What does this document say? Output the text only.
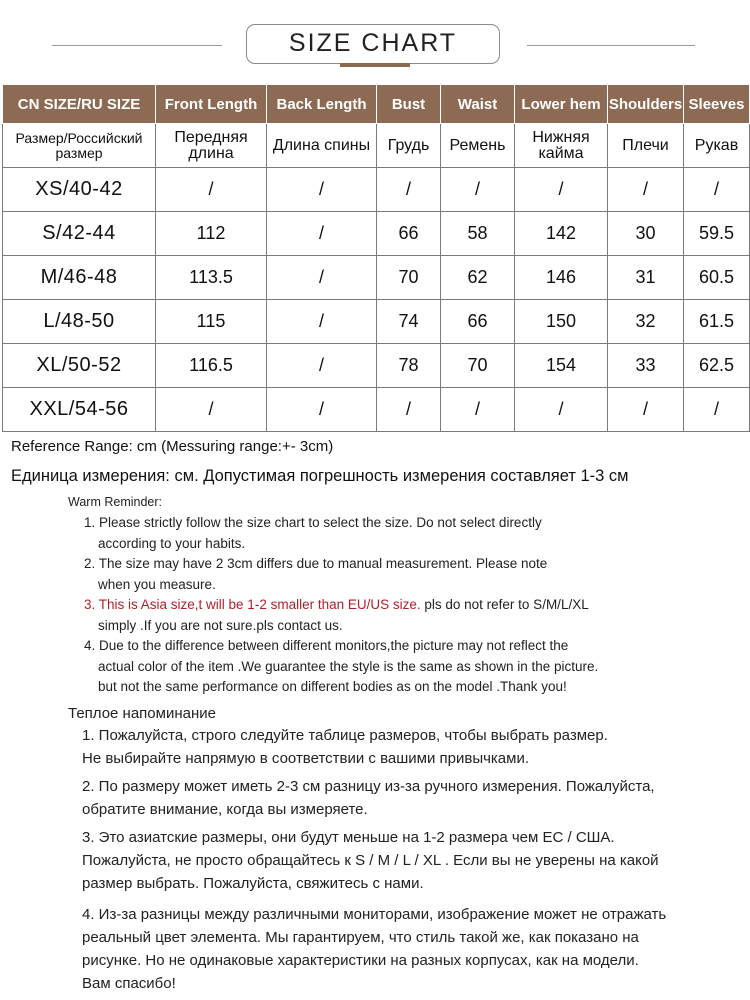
SIZE CHART
CN SIZE/RU SIZE	Front Length	Back Length	Bust	Waist	Lower hem	Shoulders	Sleeves
Размер/Российский размер	Передняя длина	Длина спины	Грудь	Ремень	Нижняя кайма	Плечи	Рукав
XS/40-42	/	/	/	/	/	/	/
S/42-44	112	/	66	58	142	30	59.5
M/46-48	113.5	/	70	62	146	31	60.5
L/48-50	115	/	74	66	150	32	61.5
XL/50-52	116.5	/	78	70	154	33	62.5
XXL/54-56	/	/	/	/	/	/	/
Reference Range: cm (Messuring range:+- 3cm)
Единица измерения: см. Допустимая погрешность измерения составляет 1-3 см
Warm Reminder:
1. Please strictly follow the size chart to select the size. Do not select directly
according to your habits.
2. The size may have 2 3cm differs due to manual measurement. Please note
when you measure.
3. This is Asia size,t will be 1-2 smaller than EU/US size. pls do not refer to S/M/L/XL
simply .If you are not sure.pls contact us.
4. Due to the difference between different monitors,the picture may not reflect the
actual color of the item .We guarantee the style is the same as shown in the picture.
but not the same performance on different bodies as on the model .Thank you!
Теплое напоминание
1. Пожалуйста, строго следуйте таблице размеров, чтобы выбрать размер.
Не выбирайте напрямую в соответствии с вашими привычками.
2. По размеру может иметь 2-3 см разницу из-за ручного измерения. Пожалуйста,
обратите внимание, когда вы измеряете.
3. Это азиатские размеры, они будут меньше на 1-2 размера чем ЕС / США.
Пожалуйста, не просто обращайтесь к S / M / L / XL . Если вы не уверены на какой
размер выбрать. Пожалуйста, свяжитесь с нами.
4. Из-за разницы между различными мониторами, изображение может не отражать
реальный цвет элемента. Мы гарантируем, что стиль такой же, как показано на
рисунке. Но не одинаковые характеристики на разных корпусах, как на модели.
Вам спасибо!
